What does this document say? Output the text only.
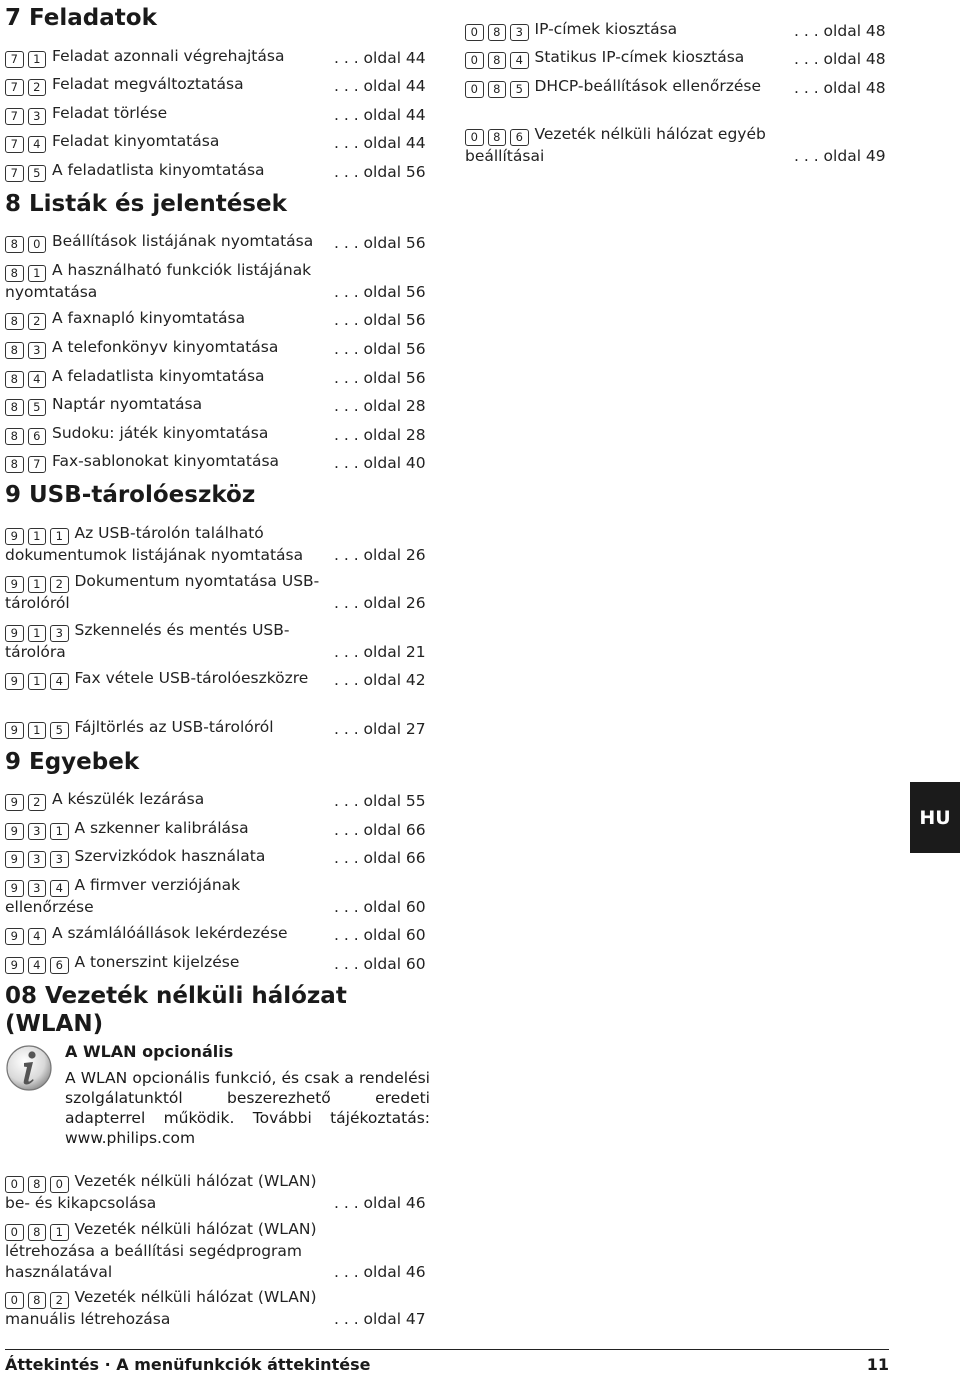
7 Feladatok
7 1 Feladat azonnali végrehajtása	. . . oldal 44
7 2 Feladat megváltoztatása	. . . oldal 44
7 3 Feladat törlése	. . . oldal 44
7 4 Feladat kinyomtatása	. . . oldal 44
7 5 A feladatlista kinyomtatása	. . . oldal 56
8 Listák és jelentések
8 0 Beállítások listájának nyomtatása	. . . oldal 56
8 1 A használható funkciók listájának nyomtatása	. . . oldal 56
8 2 A faxnapló kinyomtatása	. . . oldal 56
8 3 A telefonkönyv kinyomtatása	. . . oldal 56
8 4 A feladatlista kinyomtatása	. . . oldal 56
8 5 Naptár nyomtatása	. . . oldal 28
8 6 Sudoku: játék kinyomtatása	. . . oldal 28
8 7 Fax-sablonokat kinyomtatása	. . . oldal 40
9 USB-tárolóeszköz
9 1 1 Az USB-tárolón található dokumentumok listájának nyomtatása	. . . oldal 26
9 1 2 Dokumentum nyomtatása USB-tárolóról	. . . oldal 26
9 1 3 Szkennelés és mentés USB-tárolóra	. . . oldal 21
9 1 4 Fax vétele USB-tárolóeszközre	. . . oldal 42
9 1 5 Fájltörlés az USB-tárolóról	. . . oldal 27
9 Egyebek
9 2 A készülék lezárása	. . . oldal 55
9 3 1 A szkenner kalibrálása	. . . oldal 66
9 3 3 Szervizkódok használata	. . . oldal 66
9 3 4 A firmver verziójának ellenőrzése	. . . oldal 60
9 4 A számlálóállások lekérdezése	. . . oldal 60
9 4 6 A tonerszint kijelzése	. . . oldal 60
08 Vezeték nélküli hálózat (WLAN)
0 8 0 Vezeték nélküli hálózat (WLAN) be- és kikapcsolása	. . . oldal 46
0 8 1 Vezeték nélküli hálózat (WLAN) létrehozása a beállítási segédprogram használatával	. . . oldal 46
0 8 2 Vezeték nélküli hálózat (WLAN) manuális létrehozása	. . . oldal 47
0 8 3 IP-címek kiosztása	. . . oldal 48
0 8 4 Statikus IP-címek kiosztása	. . . oldal 48
0 8 5 DHCP-beállítások ellenőrzése	. . . oldal 48
0 8 6 Vezeték nélküli hálózat egyéb beállításai	. . . oldal 49
A WLAN opcionális
A WLAN opcionális funkció, és csak a rendelési szolgálatunktól beszerezhető eredeti adapterrel működik. További tájékoztatás: www.philips.com
HU
Áttekintés · A menüfunkciók áttekintése	11
